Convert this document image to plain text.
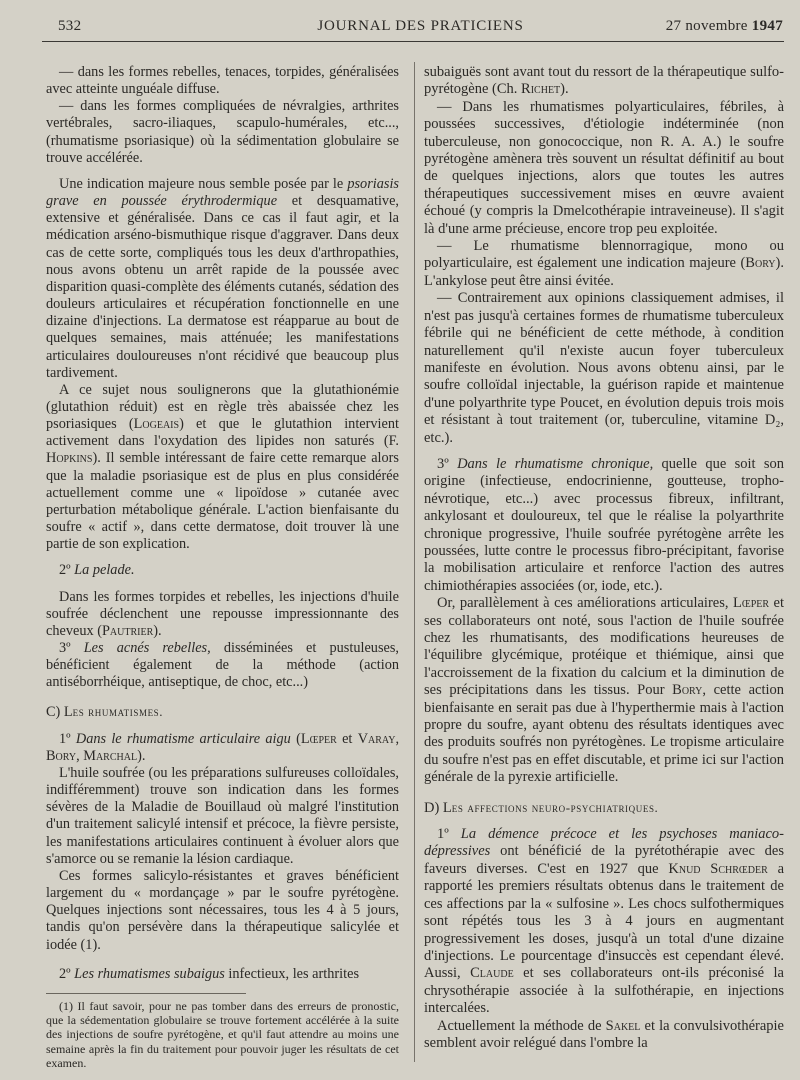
532	JOURNAL DES PRATICIENS	27 novembre 1947

— dans les formes rebelles, tenaces, torpides, généralisées avec atteinte unguéale diffuse.

— dans les formes compliquées de névralgies, arthrites vertébrales, sacro-iliaques, scapulo-humérales, etc..., (rhumatisme psoriasique) où la sédimentation globulaire se trouve accélérée.

Une indication majeure nous semble posée par le psoriasis grave en poussée érythrodermique et desquamative, extensive et généralisée. Dans ce cas il faut agir, et la médication arséno-bismuthique risque d'aggraver. Dans deux cas de cette sorte, compliqués tous les deux d'arthropathies, nous avons obtenu un arrêt rapide de la poussée avec disparition quasi-complète des éléments cutanés, sédation des douleurs articulaires et récupération fonctionnelle en une dizaine d'injections. La dermatose est réapparue au bout de quelques semaines, mais atténuée; les manifestations articulaires douloureuses n'ont récidivé que beaucoup plus tardivement.

A ce sujet nous soulignerons que la glutathionémie (glutathion réduit) est en règle très abaissée chez les psoriasiques (Logeais) et que le glutathion intervient activement dans l'oxydation des lipides non saturés (F. Hopkins). Il semble intéressant de faire cette remarque alors que la maladie psoriasique est de plus en plus considérée actuellement comme une « lipoïdose » cutanée avec perturbation métabolique générale. L'action bienfaisante du soufre « actif », dans cette dermatose, doit trouver là une partie de son explication.

2º La pelade.

Dans les formes torpides et rebelles, les injections d'huile soufrée déclenchent une repousse impressionnante des cheveux (Pautrier).

3º Les acnés rebelles, disséminées et pustuleuses, bénéficient également de la méthode (action antiséborrhéique, antiseptique, de choc, etc...)

C) Les rhumatismes.

1º Dans le rhumatisme articulaire aigu (Lœper et Varay, Bory, Marchal).

L'huile soufrée (ou les préparations sulfureuses colloïdales, indifféremment) trouve son indication dans les formes sévères de la Maladie de Bouillaud où malgré l'institution d'un traitement salicylé intensif et précoce, la fièvre persiste, les manifestations articulaires continuent à évoluer alors que s'amorce ou se remanie la lésion cardiaque.

Ces formes salicylo-résistantes et graves bénéficient largement du « mordançage » par le soufre pyrétogène. Quelques injections sont nécessaires, tous les 4 à 5 jours, tandis qu'on persévère dans la thérapeutique salicylée et iodée (1).

2º Les rhumatismes subaigus infectieux, les arthrites

(1) Il faut savoir, pour ne pas tomber dans des erreurs de pronostic, que la sédementation globulaire se trouve fortement accélérée à la suite des injections de soufre pyrétogène, et qu'il faut attendre au moins une semaine après la fin du traitement pour pouvoir juger les résultats de cet examen.

subaiguës sont avant tout du ressort de la thérapeutique sulfo-pyrétogène (Ch. Richet).

— Dans les rhumatismes polyarticulaires, fébriles, à poussées successives, d'étiologie indéterminée (non tuberculeuse, non gonococcique, non R. A. A.) le soufre pyrétogène amènera très souvent un résultat définitif au bout de quelques injections, alors que toutes les autres thérapeutiques successivement mises en œuvre avaient échoué (y compris la Dmelcothérapie intraveineuse). Il s'agit là d'une arme précieuse, encore trop peu exploitée.

— Le rhumatisme blennorragique, mono ou polyarticulaire, est également une indication majeure (Bory). L'ankylose peut être ainsi évitée.

— Contrairement aux opinions classiquement admises, il n'est pas jusqu'à certaines formes de rhumatisme tuberculeux fébrile qui ne bénéficient de cette méthode, à condition naturellement qu'il n'existe aucun foyer tuberculeux manifeste en évolution. Nous avons obtenu ainsi, par le soufre colloïdal injectable, la guérison rapide et maintenue d'une polyarthrite type Poucet, en évolution depuis trois mois et résistant à tout traitement (or, tuberculine, vitamine D₂, etc.).

3º Dans le rhumatisme chronique, quelle que soit son origine (infectieuse, endocrinienne, goutteuse, tropho-névrotique, etc...) avec processus fibreux, infiltrant, ankylosant et douloureux, tel que le réalise la polyarthrite chronique progressive, l'huile soufrée pyrétogène arrête les poussées, lutte contre le processus fibro-précipitant, favorise la mobilisation articulaire et renforce l'action des autres chimiothérapies associées (or, iode, etc.).

Or, parallèlement à ces améliorations articulaires, Lœper et ses collaborateurs ont noté, sous l'action de l'huile soufrée chez les rhumatisants, des modifications heureuses de l'équilibre glycémique, protéique et thiémique, ainsi que l'accroissement de la fixation du calcium et la diminution de ses précipitations dans les tissus. Pour Bory, cette action bienfaisante en serait pas due à l'hyperthermie mais à l'action propre du soufre, ayant obtenu des résultats identiques avec des produits soufrés non pyrétogènes. Le tropisme articulaire du soufre n'est pas en effet discutable, et prime ici sur l'action générale de la pyrexie artificielle.

D) Les affections neuro-psychiatriques.

1º La démence précoce et les psychoses maniaco-dépressives ont bénéficié de la pyrétothérapie avec des faveurs diverses. C'est en 1927 que Knud Schrœder a rapporté les premiers résultats obtenus dans le traitement de ces affections par la « sulfosine ». Les chocs sulfothermiques sont répétés tous les 3 à 4 jours en augmentant progressivement les doses, jusqu'à un total d'une dizaine d'injections. Le pourcentage d'insuccès est cependant élevé. Aussi, Claude et ses collaborateurs ont-ils préconisé la chrysothérapie associée à la sulfothérapie, en injections intercalées.

Actuellement la méthode de Sakel et la convulsivothérapie semblent avoir relégué dans l'ombre la
